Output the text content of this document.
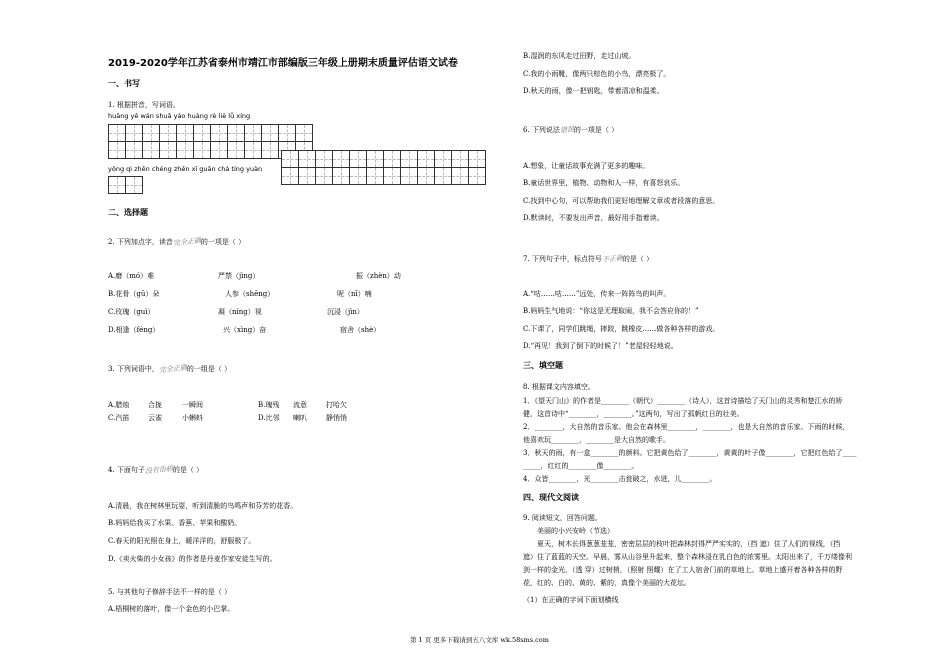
2019-2020学年江苏省泰州市靖江市部编版三年级上册期末质量评估语文试卷
一、书写
1. 根据拼音，写词语。
huāng yě wán shuǎ yáo huàng rè liè lǚ xíng
yǒng qì zhēn chéng zhēn xī guān chá tíng yuàn
二、选择题
2. 下列加点字，读音完全正确的一项是（ ）
A.磨（mó）难	严禁（jìng）	振（zhèn）动
B.花骨（gū）朵	人参（shēng）	呢（nī）喃
C.玫瑰（guì）	凝（níng）视	沉浸（jìn）
D.相逢（féng）	兴（xìng）奋	宿舍（shè）
3. 下列词语中，完全正确的一组是（ ）
A.腊烛	合拢	一瞬间	B.瑰残 流意	打哈欠
C.汽笛	云雀	小蝌蚪	D.比邻 喇叭	静悄悄
4. 下面句子没有语病的是（ ）
A.清晨，我在树林里玩耍，听到清脆的鸟鸣声和芬芳的花香。
B.妈妈给我买了水果、香蕉、苹果和酸奶。
C.春天的阳光照在身上，暖洋洋的，舒服极了。
D.《卖火柴的小女孩》的作者是丹麦作家安徒生写的。
5. 与其他句子修辞手法不一样的是（ ）
A.梧桐树的落叶，像一个金色的小巴掌。
B.湿润的东风走过田野，走过山坡。
C.我的小雨靴，像两只棕色的小鸟，漂亮极了。
D.秋天的雨，像一把钥匙，带着清凉和温柔。
6. 下列说法错误的一项是（ ）
A.想象，让童话故事充满了更多的趣味。
B.童话世界里，植物、动物和人一样，有喜怒哀乐。
C.找到中心句，可以帮助我们更好地理解文章或者段落的意思。
D.默读时，不要发出声音，最好用手指着读。
7. 下列句子中，标点符号不正确的是（ ）
A.“咕……咕……”远处，传来一阵阵鸟的叫声。
B.妈妈生气地说：“你这是无理取闹，我不会答应你的！”
C.下课了，同学们跳绳，摔跤，跳橡皮……做各种各样的游戏。
D.“再见！我到了倒下的时候了！”老屋轻轻地说。
三、填空题
8. 根据课文内容填空。
1．《望天门山》的作者是________（朝代）________（诗人），这首诗描绘了天门山的灵秀和楚江水的矫
健，这首诗中“________，________。”这两句，写出了孤帆红日的壮美。
2．________，大自然的音乐家。他会在森林里________，________，也是大自然的音乐家。下雨的时候，
他喜欢玩________，________是大自然的歌手。
3．秋天的雨，有一盒________的颜料。它把黄色给了________，黄黄的叶子像________，它把红色给了____
_____，红红的________像________。
4．众皆________，光________击瓮破之，水迸，儿________。
四、现代文阅读
9. 阅读短文，回答问题。
美丽的小兴安岭（节选）
夏天，树木长得葱葱茏茏，密密层层的枝叶把森林封得严严实实的，（挡 遮）住了人们的视线，（挡
遮）住了蓝蓝的天空。早晨，雾从山谷里升起来，整个森林浸在乳白色的浓雾里。太阳出来了，千万缕像利
剑一样的金光，（透 穿）过树梢，（照射 照耀）在了工人宿舍门前的草地上。草地上盛开着各种各样的野
花，红的、白的、黄的、紫的，真像个美丽的大花坛。
（1）在正确的字词下面划横线
第 1 页 更多下载请到五八文库 wk.58sms.com
